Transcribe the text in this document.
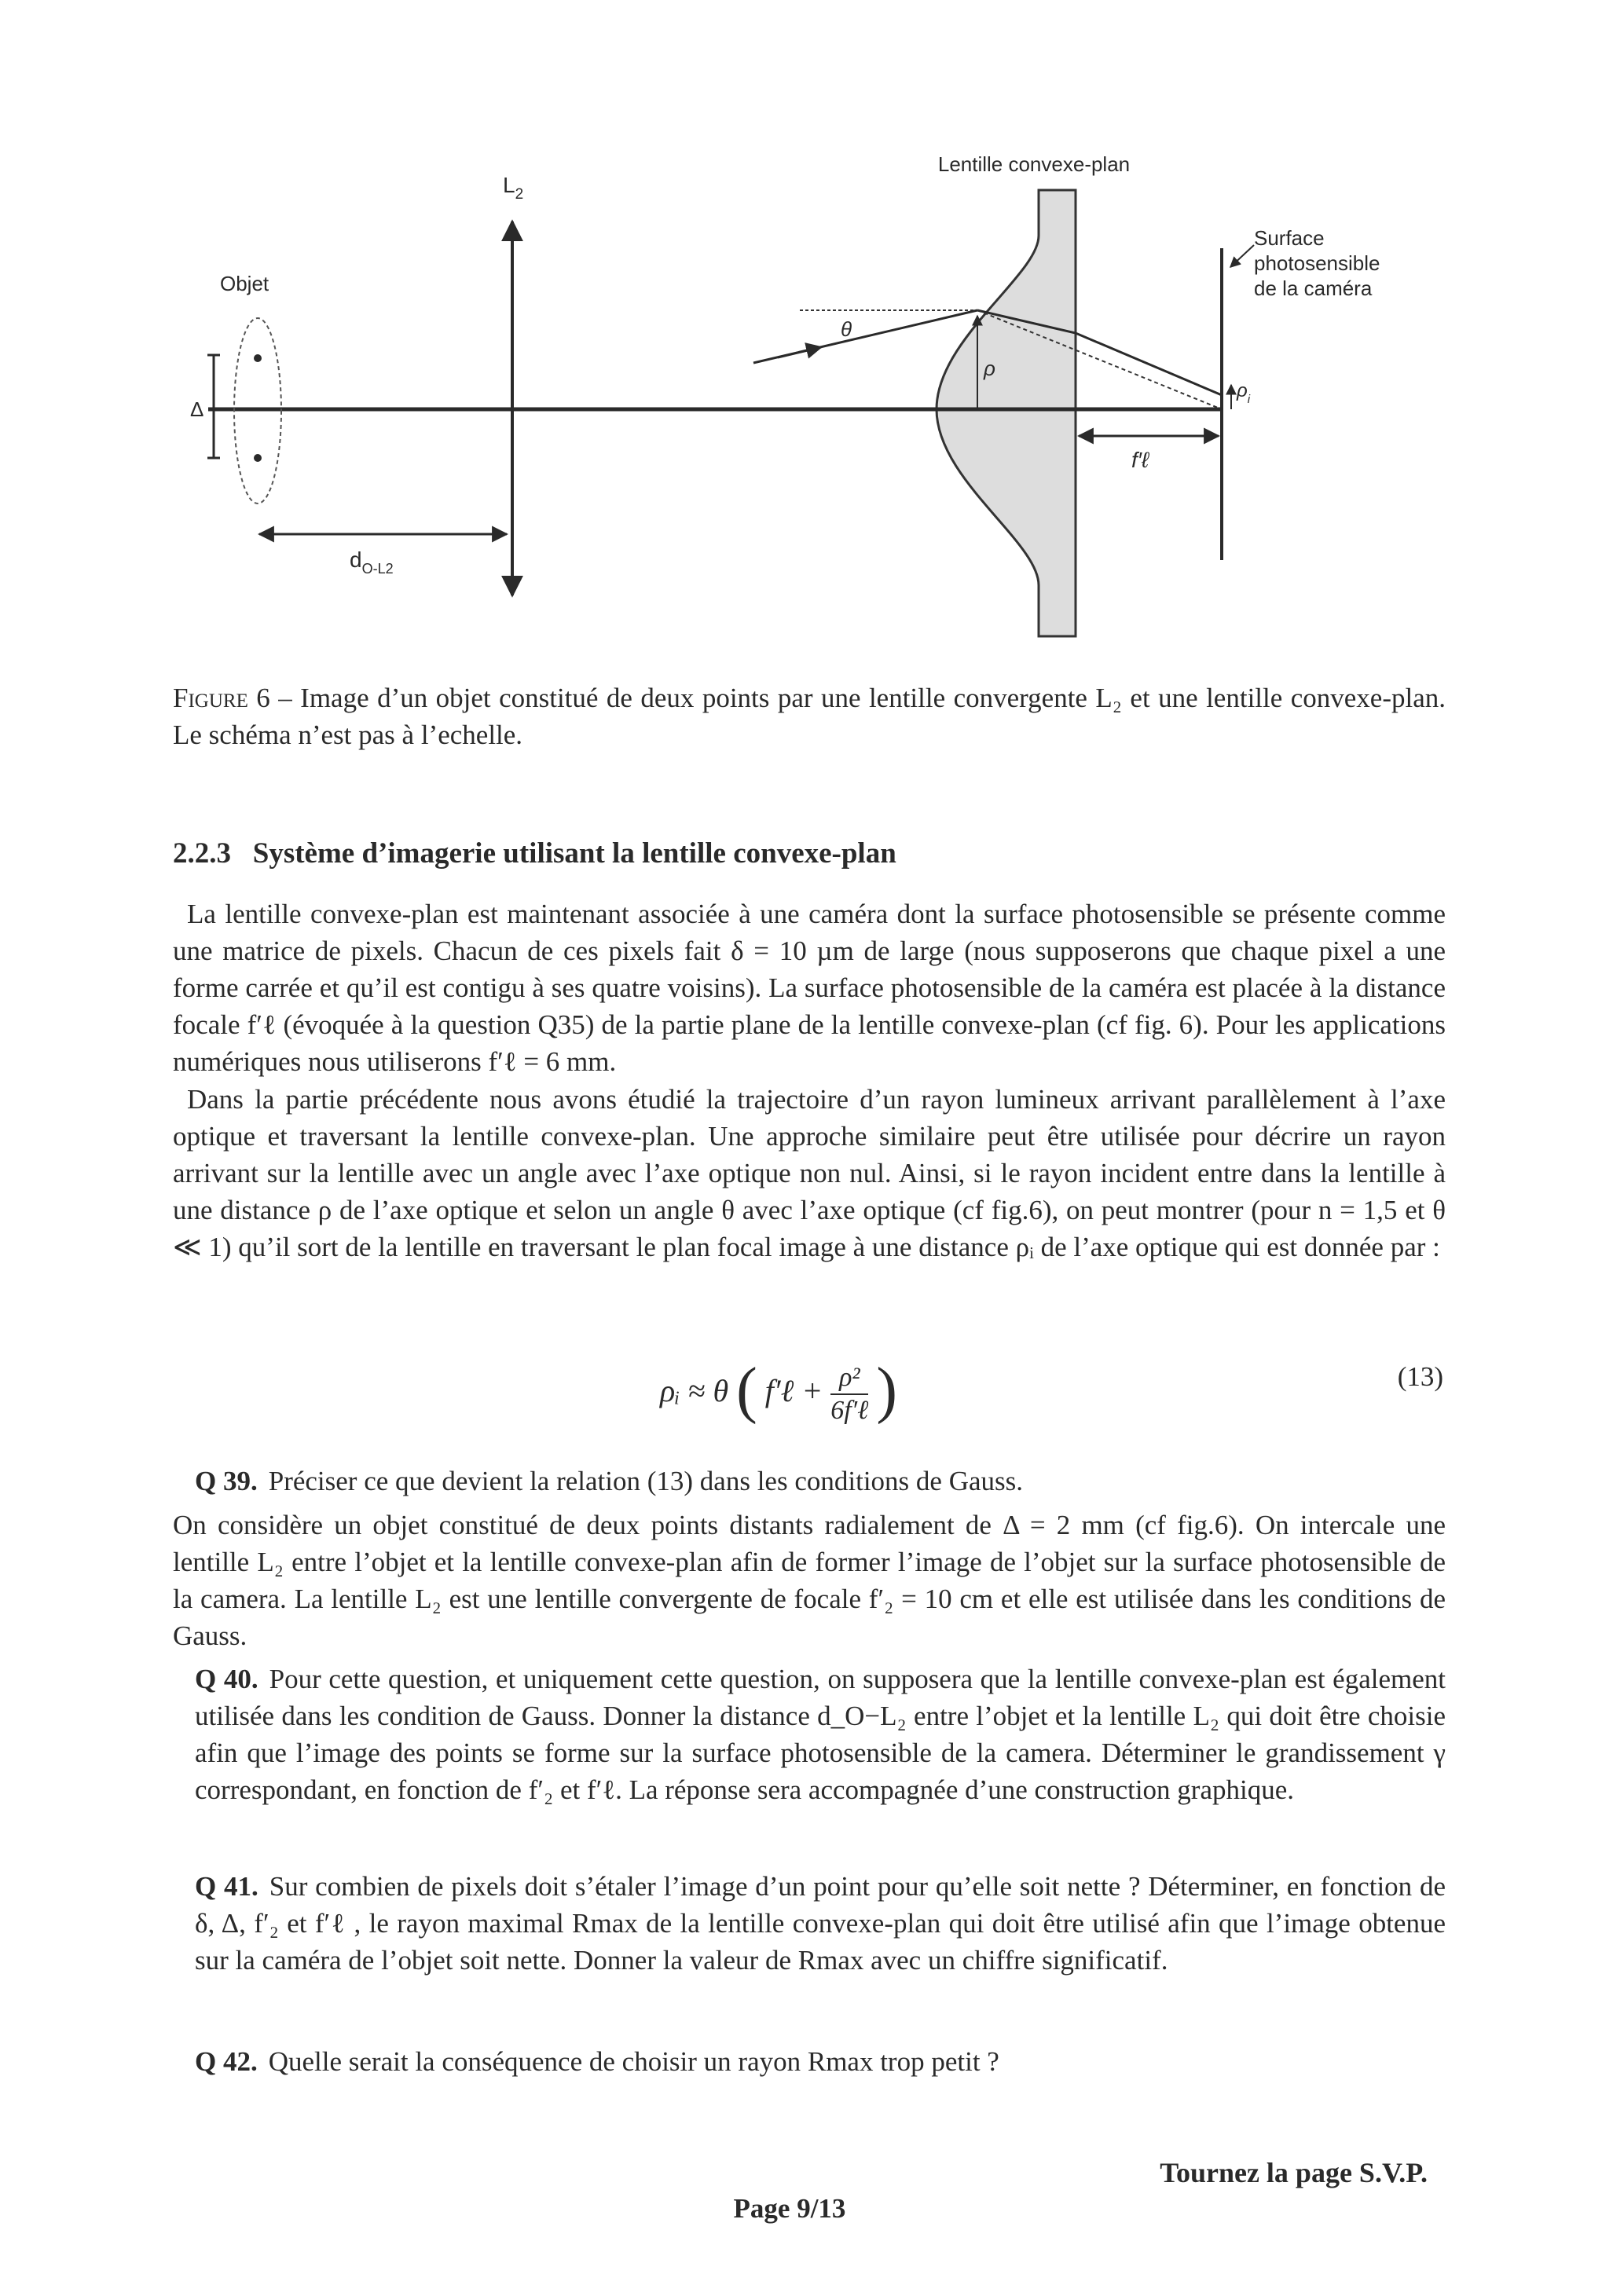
$L_2$
Objet
Δ
$d_{O-L2}$
Lentille convexe-plan
θ
ρ
$\rho_i$
f′ℓ
Surface photosensible de la caméra
Figure 6 – Image d’un objet constitué de deux points par une lentille convergente L₂ et une lentille convexe-plan. Le schéma n’est pas à l’echelle.
2.2.3 Système d’imagerie utilisant la lentille convexe-plan
La lentille convexe-plan est maintenant associée à une caméra dont la surface photosensible se présente comme une matrice de pixels. Chacun de ces pixels fait δ = 10 µm de large (nous supposerons que chaque pixel a une forme carrée et qu’il est contigu à ses quatre voisins). La surface photosensible de la caméra est placée à la distance focale f′ℓ (évoquée à la question Q35) de la partie plane de la lentille convexe-plan (cf fig. 6). Pour les applications numériques nous utiliserons f′ℓ = 6 mm.
Dans la partie précédente nous avons étudié la trajectoire d’un rayon lumineux arrivant parallèlement à l’axe optique et traversant la lentille convexe-plan. Une approche similaire peut être utilisée pour décrire un rayon arrivant sur la lentille avec un angle avec l’axe optique non nul. Ainsi, si le rayon incident entre dans la lentille à une distance ρ de l’axe optique et selon un angle θ avec l’axe optique (cf fig.6), on peut montrer (pour n = 1,5 et θ ≪ 1) qu’il sort de la lentille en traversant le plan focal image à une distance ρᵢ de l’axe optique qui est donnée par :
ρᵢ ≈ θ ( f′ℓ + ρ²
6f′ℓ )	(13)
Q 39. Préciser ce que devient la relation (13) dans les conditions de Gauss.
On considère un objet constitué de deux points distants radialement de Δ = 2 mm (cf fig.6). On intercale une lentille L₂ entre l’objet et la lentille convexe-plan afin de former l’image de l’objet sur la surface photosensible de la camera. La lentille L₂ est une lentille convergente de focale f′₂ = 10 cm et elle est utilisée dans les conditions de Gauss.
Q 40. Pour cette question, et uniquement cette question, on supposera que la lentille convexe-plan est également utilisée dans les condition de Gauss. Donner la distance d_O−L₂ entre l’objet et la lentille L₂ qui doit être choisie afin que l’image des points se forme sur la surface photosensible de la camera. Déterminer le grandissement γ correspondant, en fonction de f′₂ et f′ℓ. La réponse sera accompagnée d’une construction graphique.
Q 41. Sur combien de pixels doit s’étaler l’image d’un point pour qu’elle soit nette ? Déterminer, en fonction de δ, Δ, f′₂ et f′ℓ , le rayon maximal Rmax de la lentille convexe-plan qui doit être utilisé afin que l’image obtenue sur la caméra de l’objet soit nette. Donner la valeur de Rmax avec un chiffre significatif.
Q 42. Quelle serait la conséquence de choisir un rayon Rmax trop petit ?
Tournez la page S.V.P.
Page 9/13
